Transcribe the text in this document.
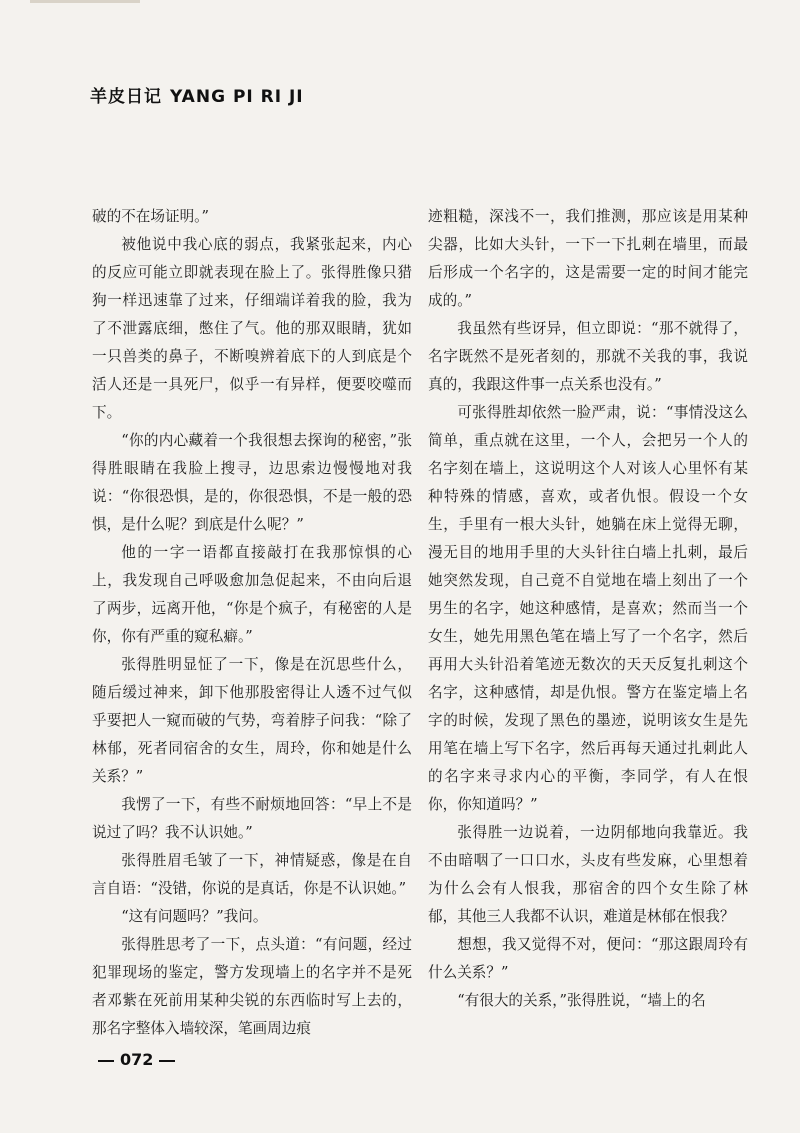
羊皮日记 YANG PI RI JI

破的不在场证明。”

被他说中我心底的弱点，我紧张起来，内心的反应可能立即就表现在脸上了。张得胜像只猎狗一样迅速靠了过来，仔细端详着我的脸，我为了不泄露底细，憋住了气。他的那双眼睛，犹如一只兽类的鼻子，不断嗅辨着底下的人到底是个活人还是一具死尸，似乎一有异样，便要咬噬而下。

“你的内心藏着一个我很想去探询的秘密，”张得胜眼睛在我脸上搜寻，边思索边慢慢地对我说：“你很恐惧，是的，你很恐惧，不是一般的恐惧，是什么呢？到底是什么呢？”

他的一字一语都直接敲打在我那惊惧的心上，我发现自己呼吸愈加急促起来，不由向后退了两步，远离开他，“你是个疯子，有秘密的人是你，你有严重的窥私癖。”

张得胜明显怔了一下，像是在沉思些什么，随后缓过神来，卸下他那股密得让人透不过气似乎要把人一窥而破的气势，弯着脖子问我：“除了林郁，死者同宿舍的女生，周玲，你和她是什么关系？”

我愣了一下，有些不耐烦地回答：“早上不是说过了吗？我不认识她。”

张得胜眉毛皱了一下，神情疑惑，像是在自言自语：“没错，你说的是真话，你是不认识她。”

“这有问题吗？”我问。

张得胜思考了一下，点头道：“有问题，经过犯罪现场的鉴定，警方发现墙上的名字并不是死者邓紫在死前用某种尖锐的东西临时写上去的，那名字整体入墙较深，笔画周边痕

迹粗糙，深浅不一，我们推测，那应该是用某种尖器，比如大头针，一下一下扎刺在墙里，而最后形成一个名字的，这是需要一定的时间才能完成的。”

我虽然有些讶异，但立即说：“那不就得了，名字既然不是死者刻的，那就不关我的事，我说真的，我跟这件事一点关系也没有。”

可张得胜却依然一脸严肃，说：“事情没这么简单，重点就在这里，一个人，会把另一个人的名字刻在墙上，这说明这个人对该人心里怀有某种特殊的情感，喜欢，或者仇恨。假设一个女生，手里有一根大头针，她躺在床上觉得无聊，漫无目的地用手里的大头针往白墙上扎刺，最后她突然发现，自己竟不自觉地在墙上刻出了一个男生的名字，她这种感情，是喜欢；然而当一个女生，她先用黑色笔在墙上写了一个名字，然后再用大头针沿着笔迹无数次的天天反复扎刺这个名字，这种感情，却是仇恨。警方在鉴定墙上名字的时候，发现了黑色的墨迹，说明该女生是先用笔在墙上写下名字，然后再每天通过扎刺此人的名字来寻求内心的平衡，李同学，有人在恨你，你知道吗？”

张得胜一边说着，一边阴郁地向我靠近。我不由暗咽了一口口水，头皮有些发麻，心里想着为什么会有人恨我，那宿舍的四个女生除了林郁，其他三人我都不认识，难道是林郁在恨我？

想想，我又觉得不对，便问：“那这跟周玲有什么关系？”

“有很大的关系，”张得胜说，“墙上的名

072
